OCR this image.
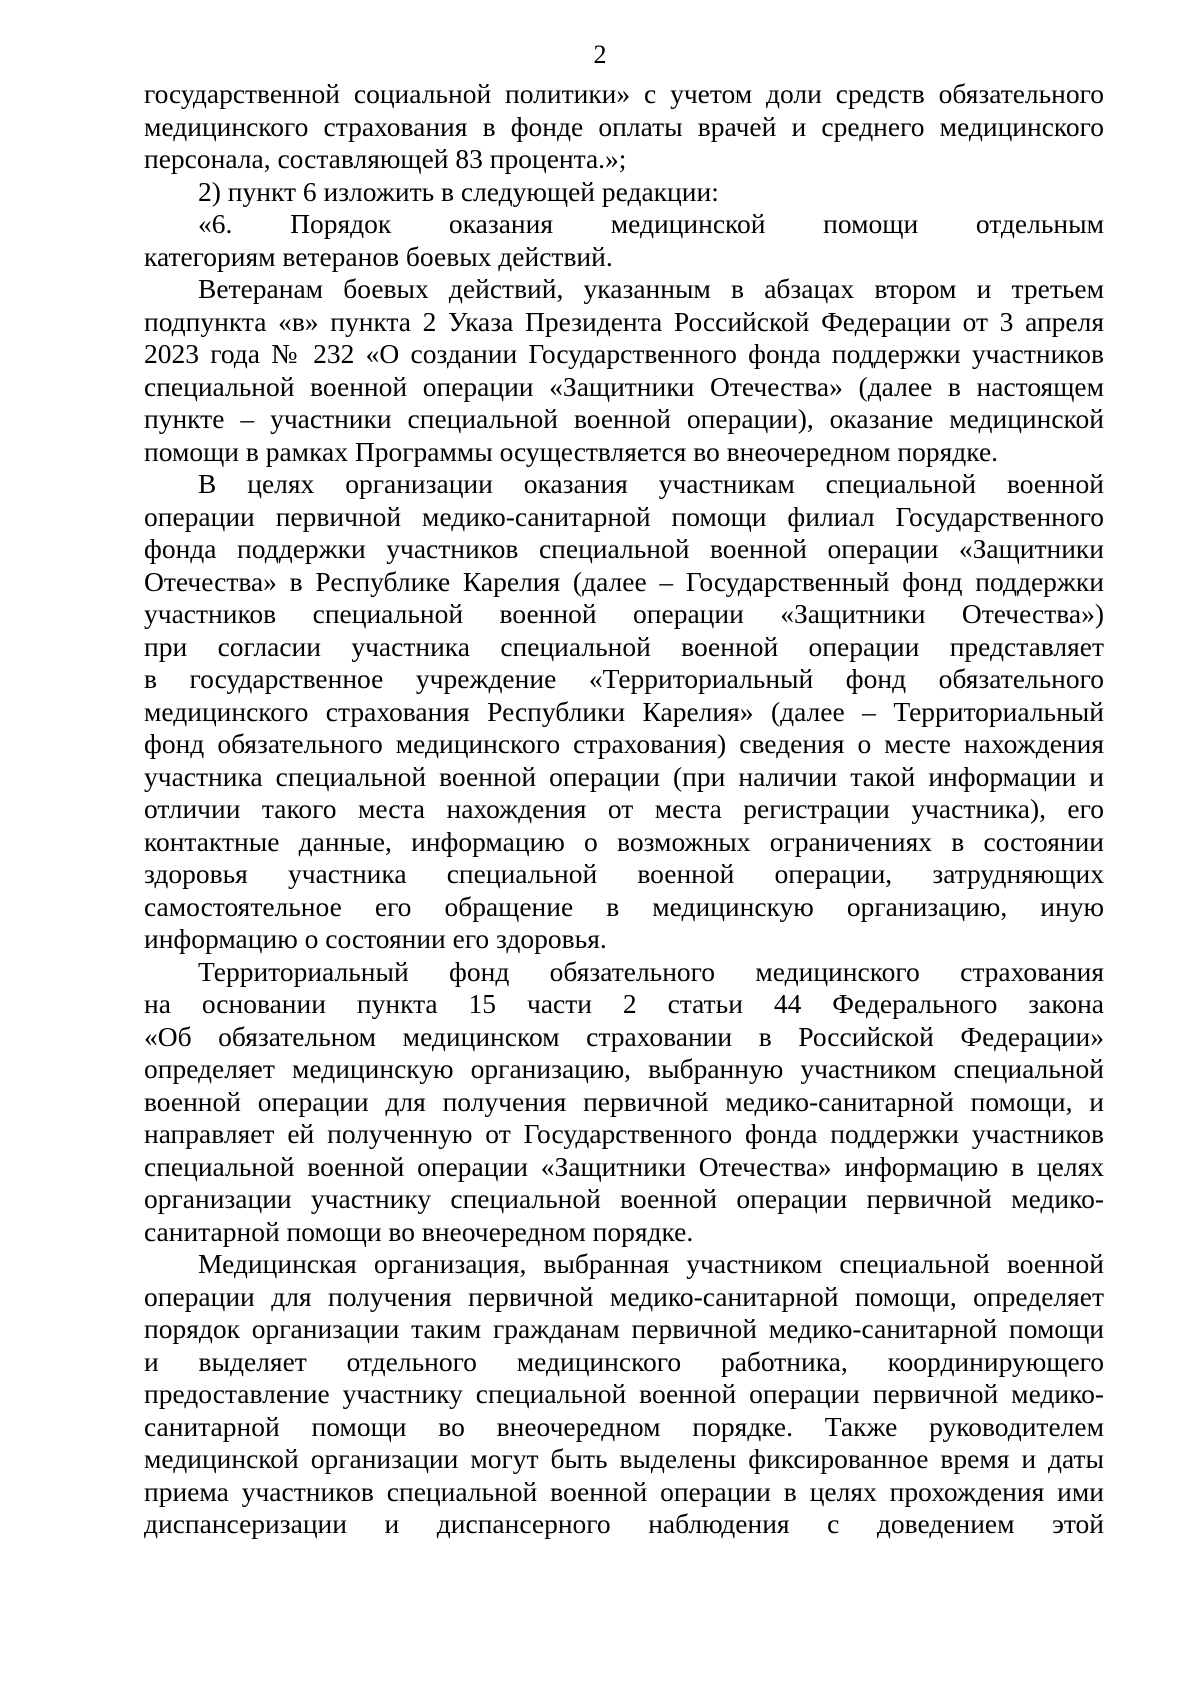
2
государственной социальной политики» с учетом доли средств обязательного
медицинского страхования в фонде оплаты врачей и среднего медицинского
персонала, составляющей 83 процента.»;
2) пункт 6 изложить в следующей редакции:
«6. Порядок оказания медицинской помощи отдельным
категориям ветеранов боевых действий.
Ветеранам боевых действий, указанным в абзацах втором и третьем
подпункта «в» пункта 2 Указа Президента Российской Федерации от 3 апреля
2023 года № 232 «О создании Государственного фонда поддержки участников
специальной военной операции «Защитники Отечества» (далее в настоящем
пункте – участники специальной военной операции), оказание медицинской
помощи в рамках Программы осуществляется во внеочередном порядке.
В целях организации оказания участникам специальной военной
операции первичной медико-санитарной помощи филиал Государственного
фонда поддержки участников специальной военной операции «Защитники
Отечества» в Республике Карелия (далее – Государственный фонд поддержки
участников специальной военной операции «Защитники Отечества»)
при согласии участника специальной военной операции представляет
в государственное учреждение «Территориальный фонд обязательного
медицинского страхования Республики Карелия» (далее – Территориальный
фонд обязательного медицинского страхования) сведения о месте нахождения
участника специальной военной операции (при наличии такой информации и
отличии такого места нахождения от места регистрации участника), его
контактные данные, информацию о возможных ограничениях в состоянии
здоровья участника специальной военной операции, затрудняющих
самостоятельное его обращение в медицинскую организацию, иную
информацию о состоянии его здоровья.
Территориальный фонд обязательного медицинского страхования
на основании пункта 15 части 2 статьи 44 Федерального закона
«Об обязательном медицинском страховании в Российской Федерации»
определяет медицинскую организацию, выбранную участником специальной
военной операции для получения первичной медико-санитарной помощи, и
направляет ей полученную от Государственного фонда поддержки участников
специальной военной операции «Защитники Отечества» информацию в целях
организации участнику специальной военной операции первичной медико-
санитарной помощи во внеочередном порядке.
Медицинская организация, выбранная участником специальной военной
операции для получения первичной медико-санитарной помощи, определяет
порядок организации таким гражданам первичной медико-санитарной помощи
и выделяет отдельного медицинского работника, координирующего
предоставление участнику специальной военной операции первичной медико-
санитарной помощи во внеочередном порядке. Также руководителем
медицинской организации могут быть выделены фиксированное время и даты
приема участников специальной военной операции в целях прохождения ими
диспансеризации и диспансерного наблюдения с доведением этой
